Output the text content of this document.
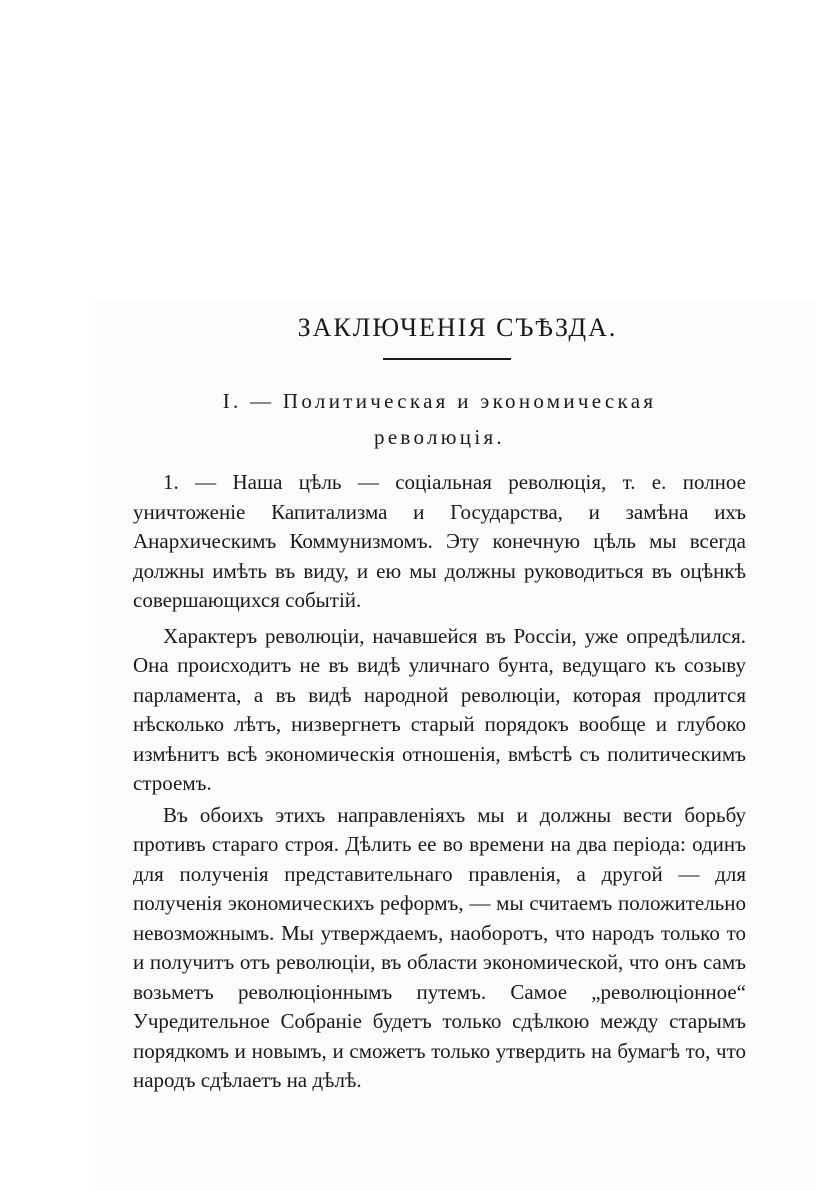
ЗАКЛЮЧЕНІЯ СЪѢЗДА.
I. — Политическая и экономическая
революція.

1. — Наша цѣль — соціальная революція, т. е. полное уничтоженіе Капитализма и Государства, и замѣна ихъ Анархическимъ Коммунизмомъ. Эту конечную цѣль мы всегда должны имѣть въ виду, и ею мы должны руководиться въ оцѣнкѣ совершающихся событій.

Характеръ революціи, начавшейся въ Россіи, уже опредѣлился. Она происходитъ не въ видѣ уличнаго бунта, ведущаго къ созыву парламента, а въ видѣ народной революціи, которая продлится нѣсколько лѣтъ, низвергнетъ старый порядокъ вообще и глубоко измѣнитъ всѣ экономическія отношенія, вмѣстѣ съ политическимъ строемъ.

Въ обоихъ этихъ направленіяхъ мы и должны вести борьбу противъ стараго строя. Дѣлить ее во времени на два періода: одинъ для полученія представительнаго правленія, а другой — для полученія экономическихъ реформъ, — мы считаемъ положительно невозможнымъ. Мы утверждаемъ, наоборотъ, что народъ только то и получитъ отъ революціи, въ области экономической, что онъ самъ возьметъ революціоннымъ путемъ. Самое „революціонное“ Учредительное Собраніе будетъ только сдѣлкою между старымъ порядкомъ и новымъ, и сможетъ только утвердить на бумагѣ то, что народъ сдѣлаетъ на дѣлѣ.
